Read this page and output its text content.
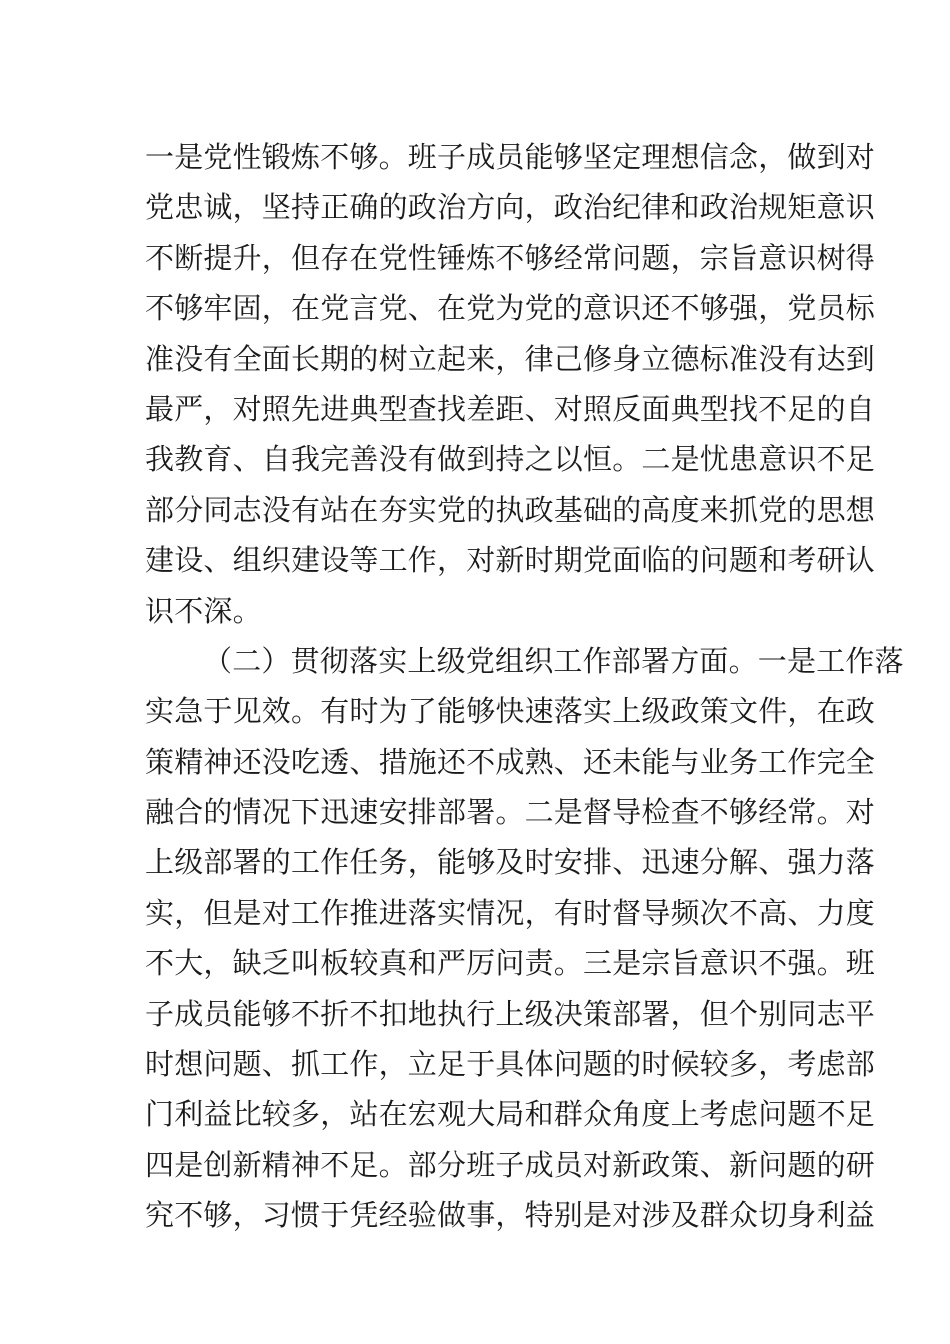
一是党性锻炼不够。班子成员能够坚定理想信念，做到对
党忠诚，坚持正确的政治方向，政治纪律和政治规矩意识
不断提升，但存在党性锤炼不够经常问题，宗旨意识树得
不够牢固，在党言党、在党为党的意识还不够强，党员标
准没有全面长期的树立起来，律己修身立德标准没有达到
最严，对照先进典型查找差距、对照反面典型找不足的自
我教育、自我完善没有做到持之以恒。二是忧患意识不足
部分同志没有站在夯实党的执政基础的高度来抓党的思想
建设、组织建设等工作，对新时期党面临的问题和考研认
识不深。
（二）贯彻落实上级党组织工作部署方面。一是工作落
实急于见效。有时为了能够快速落实上级政策文件，在政
策精神还没吃透、措施还不成熟、还未能与业务工作完全
融合的情况下迅速安排部署。二是督导检查不够经常。对
上级部署的工作任务，能够及时安排、迅速分解、强力落
实，但是对工作推进落实情况，有时督导频次不高、力度
不大，缺乏叫板较真和严厉问责。三是宗旨意识不强。班
子成员能够不折不扣地执行上级决策部署，但个别同志平
时想问题、抓工作，立足于具体问题的时候较多，考虑部
门利益比较多，站在宏观大局和群众角度上考虑问题不足
四是创新精神不足。部分班子成员对新政策、新问题的研
究不够，习惯于凭经验做事，特别是对涉及群众切身利益
